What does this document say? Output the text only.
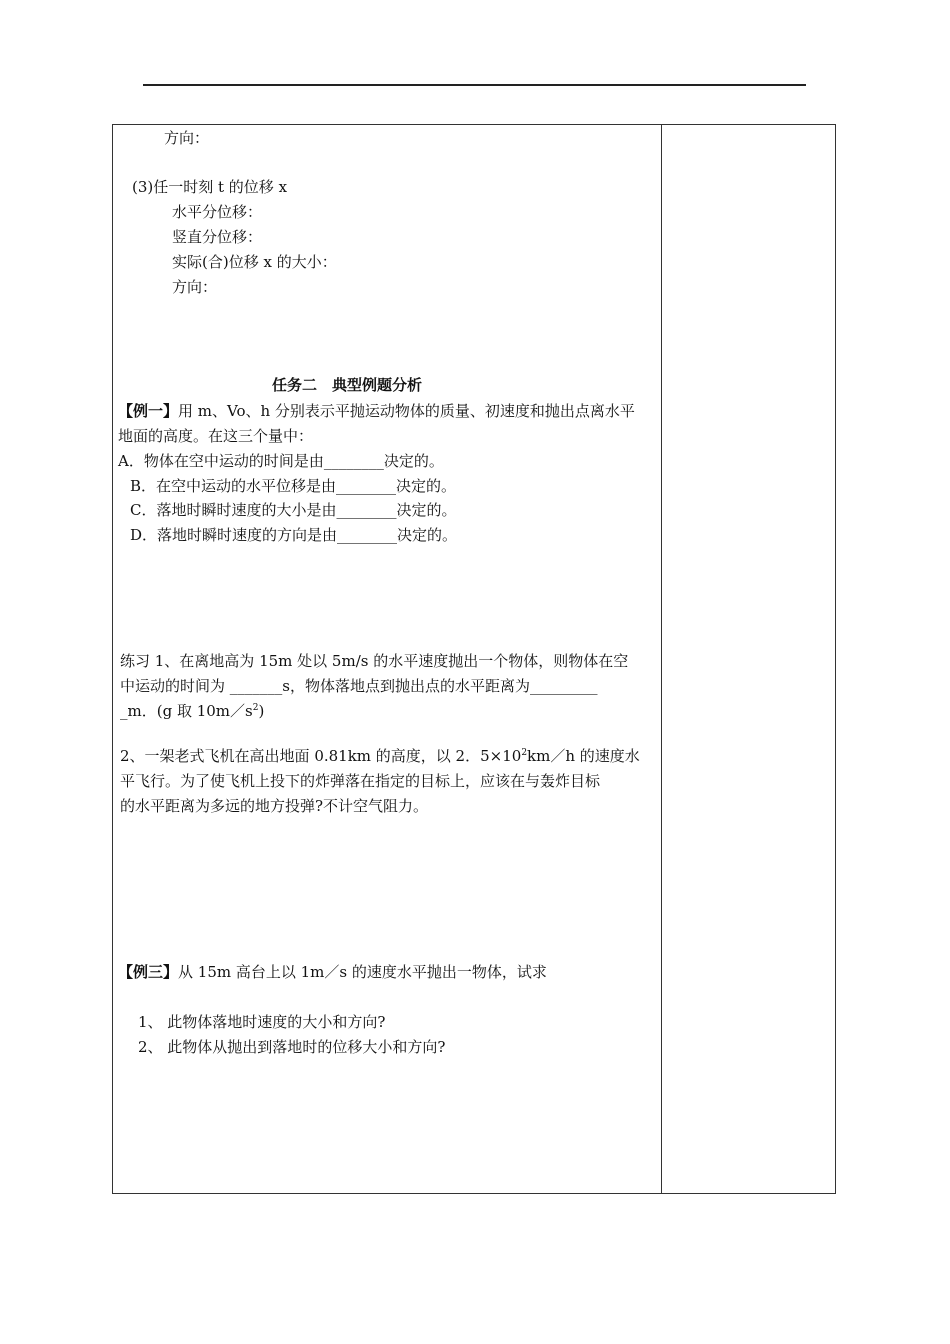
方向：
(3)任一时刻 t 的位移 x
水平分位移：
竖直分位移：
实际(合)位移 x 的大小：
方向：
任务二　典型例题分析
【例一】用 m、Vo、h 分别表示平抛运动物体的质量、初速度和抛出点离水平
地面的高度。在这三个量中：
A．物体在空中运动的时间是由________决定的。
B．在空中运动的水平位移是由________决定的。
C．落地时瞬时速度的大小是由________决定的。
D．落地时瞬时速度的方向是由________决定的。
练习 1、在离地高为 15m 处以 5m/s 的水平速度抛出一个物体，则物体在空
中运动的时间为 _______s，物体落地点到抛出点的水平距离为_________
_m．(g 取 $10m/s^2$)
2、一架老式飞机在高出地面 0.81km 的高度，以 2．$5\times 10^2km/h$ 的速度水
平飞行。为了使飞机上投下的炸弹落在指定的目标上，应该在与轰炸目标
的水平距离为多远的地方投弹?不计空气阻力。
【例三】从 15m 高台上以 1m／s 的速度水平抛出一物体，试求
1、 此物体落地时速度的大小和方向?
2、 此物体从抛出到落地时的位移大小和方向?
